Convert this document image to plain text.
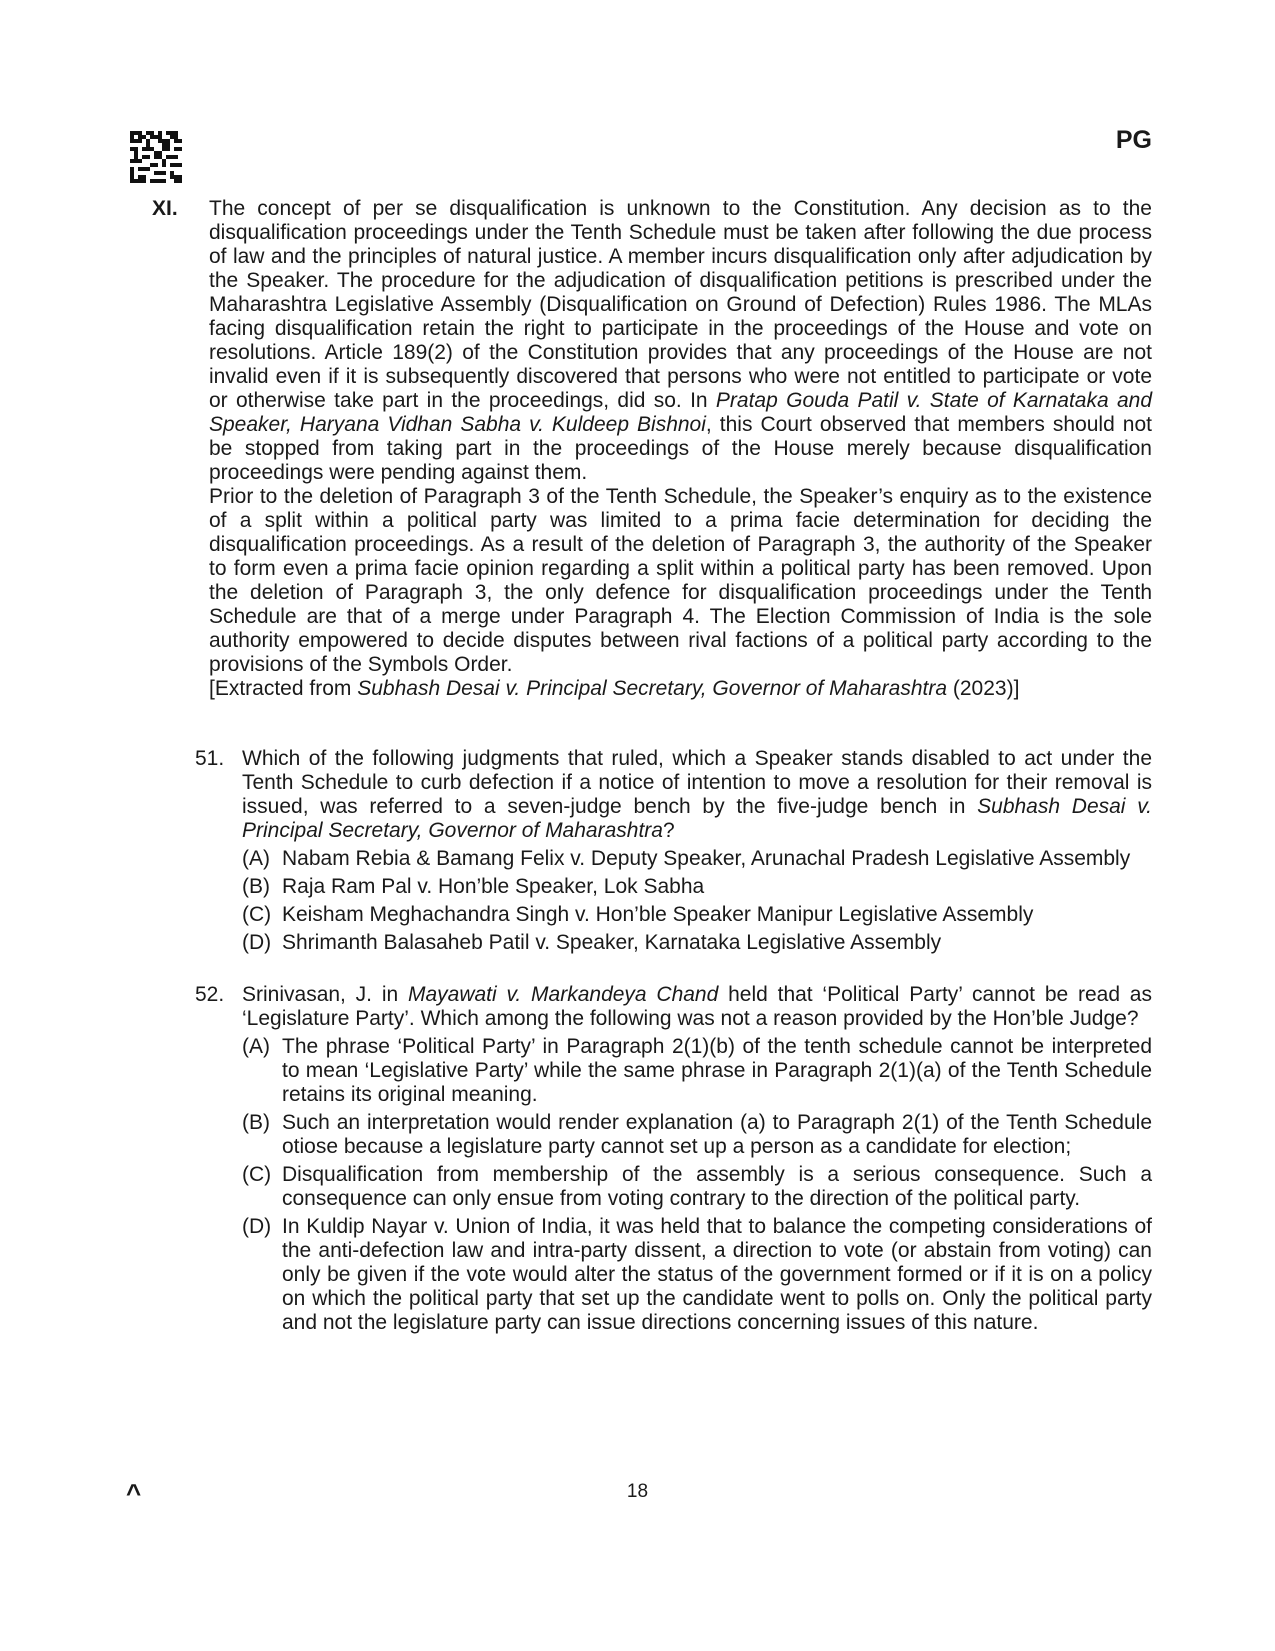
PG
XI. The concept of per se disqualification is unknown to the Constitution. Any decision as to the disqualification proceedings under the Tenth Schedule must be taken after following the due process of law and the principles of natural justice. A member incurs disqualification only after adjudication by the Speaker. The procedure for the adjudication of disqualification petitions is prescribed under the Maharashtra Legislative Assembly (Disqualification on Ground of Defection) Rules 1986. The MLAs facing disqualification retain the right to participate in the proceedings of the House and vote on resolutions. Article 189(2) of the Constitution provides that any proceedings of the House are not invalid even if it is subsequently discovered that persons who were not entitled to participate or vote or otherwise take part in the proceedings, did so. In Pratap Gouda Patil v. State of Karnataka and Speaker, Haryana Vidhan Sabha v. Kuldeep Bishnoi, this Court observed that members should not be stopped from taking part in the proceedings of the House merely because disqualification proceedings were pending against them.

Prior to the deletion of Paragraph 3 of the Tenth Schedule, the Speaker’s enquiry as to the existence of a split within a political party was limited to a prima facie determination for deciding the disqualification proceedings. As a result of the deletion of Paragraph 3, the authority of the Speaker to form even a prima facie opinion regarding a split within a political party has been removed. Upon the deletion of Paragraph 3, the only defence for disqualification proceedings under the Tenth Schedule are that of a merge under Paragraph 4. The Election Commission of India is the sole authority empowered to decide disputes between rival factions of a political party according to the provisions of the Symbols Order.

[Extracted from Subhash Desai v. Principal Secretary, Governor of Maharashtra (2023)]

51. Which of the following judgments that ruled, which a Speaker stands disabled to act under the Tenth Schedule to curb defection if a notice of intention to move a resolution for their removal is issued, was referred to a seven-judge bench by the five-judge bench in Subhash Desai v. Principal Secretary, Governor of Maharashtra?
(A) Nabam Rebia & Bamang Felix v. Deputy Speaker, Arunachal Pradesh Legislative Assembly
(B) Raja Ram Pal v. Hon’ble Speaker, Lok Sabha
(C) Keisham Meghachandra Singh v. Hon’ble Speaker Manipur Legislative Assembly
(D) Shrimanth Balasaheb Patil v. Speaker, Karnataka Legislative Assembly
52. Srinivasan, J. in Mayawati v. Markandeya Chand held that ‘Political Party’ cannot be read as ‘Legislature Party’. Which among the following was not a reason provided by the Hon’ble Judge?
(A) The phrase ‘Political Party’ in Paragraph 2(1)(b) of the tenth schedule cannot be interpreted to mean ‘Legislative Party’ while the same phrase in Paragraph 2(1)(a) of the Tenth Schedule retains its original meaning.
(B) Such an interpretation would render explanation (a) to Paragraph 2(1) of the Tenth Schedule otiose because a legislature party cannot set up a person as a candidate for election;
(C) Disqualification from membership of the assembly is a serious consequence. Such a consequence can only ensue from voting contrary to the direction of the political party.
(D) In Kuldip Nayar v. Union of India, it was held that to balance the competing considerations of the anti-defection law and intra-party dissent, a direction to vote (or abstain from voting) can only be given if the vote would alter the status of the government formed or if it is on a policy on which the political party that set up the candidate went to polls on. Only the political party and not the legislature party can issue directions concerning issues of this nature.
^	18
